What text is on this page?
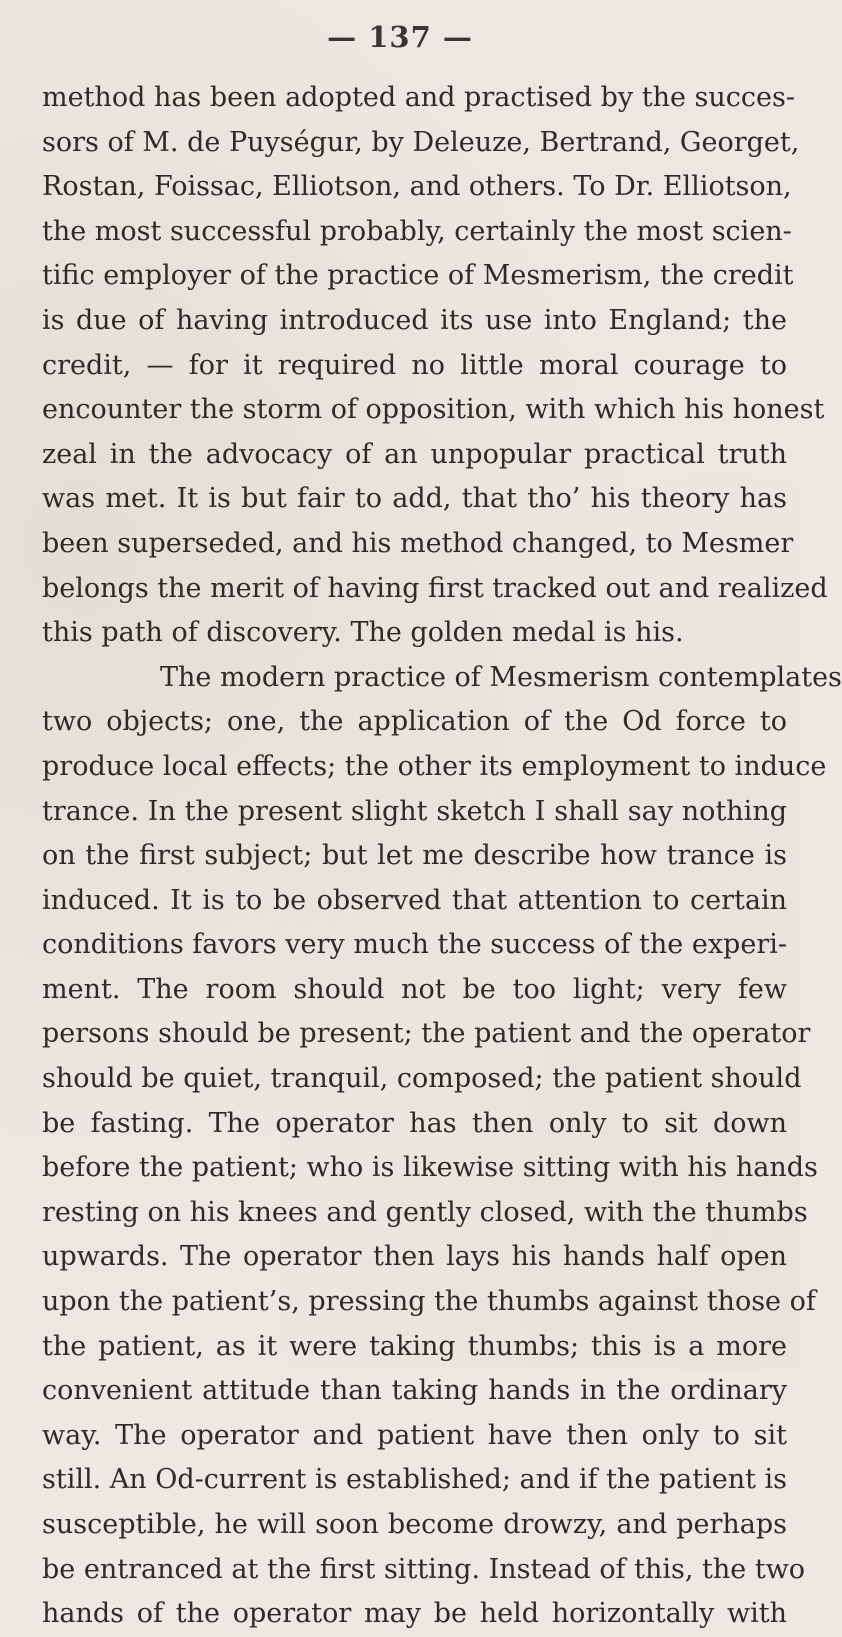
— 137 —
method has been adopted and practised by the succes-
sors of M. de Puységur, by Deleuze, Bertrand, Georget,
Rostan, Foissac, Elliotson, and others. To Dr. Elliotson,
the most successful probably, certainly the most scien-
tific employer of the practice of Mesmerism, the credit
is due of having introduced its use into England; the
credit, — for it required no little moral courage to
encounter the storm of opposition, with which his honest
zeal in the advocacy of an unpopular practical truth
was met. It is but fair to add, that tho’ his theory has
been superseded, and his method changed, to Mesmer
belongs the merit of having first tracked out and realized
this path of discovery. The golden medal is his.
The modern practice of Mesmerism contemplates
two objects; one, the application of the Od force to
produce local effects; the other its employment to induce
trance. In the present slight sketch I shall say nothing
on the first subject; but let me describe how trance is
induced. It is to be observed that attention to certain
conditions favors very much the success of the experi-
ment. The room should not be too light; very few
persons should be present; the patient and the operator
should be quiet, tranquil, composed; the patient should
be fasting. The operator has then only to sit down
before the patient; who is likewise sitting with his hands
resting on his knees and gently closed, with the thumbs
upwards. The operator then lays his hands half open
upon the patient’s, pressing the thumbs against those of
the patient, as it were taking thumbs; this is a more
convenient attitude than taking hands in the ordinary
way. The operator and patient have then only to sit
still. An Od-current is established; and if the patient is
susceptible, he will soon become drowzy, and perhaps
be entranced at the first sitting. Instead of this, the two
hands of the operator may be held horizontally with
